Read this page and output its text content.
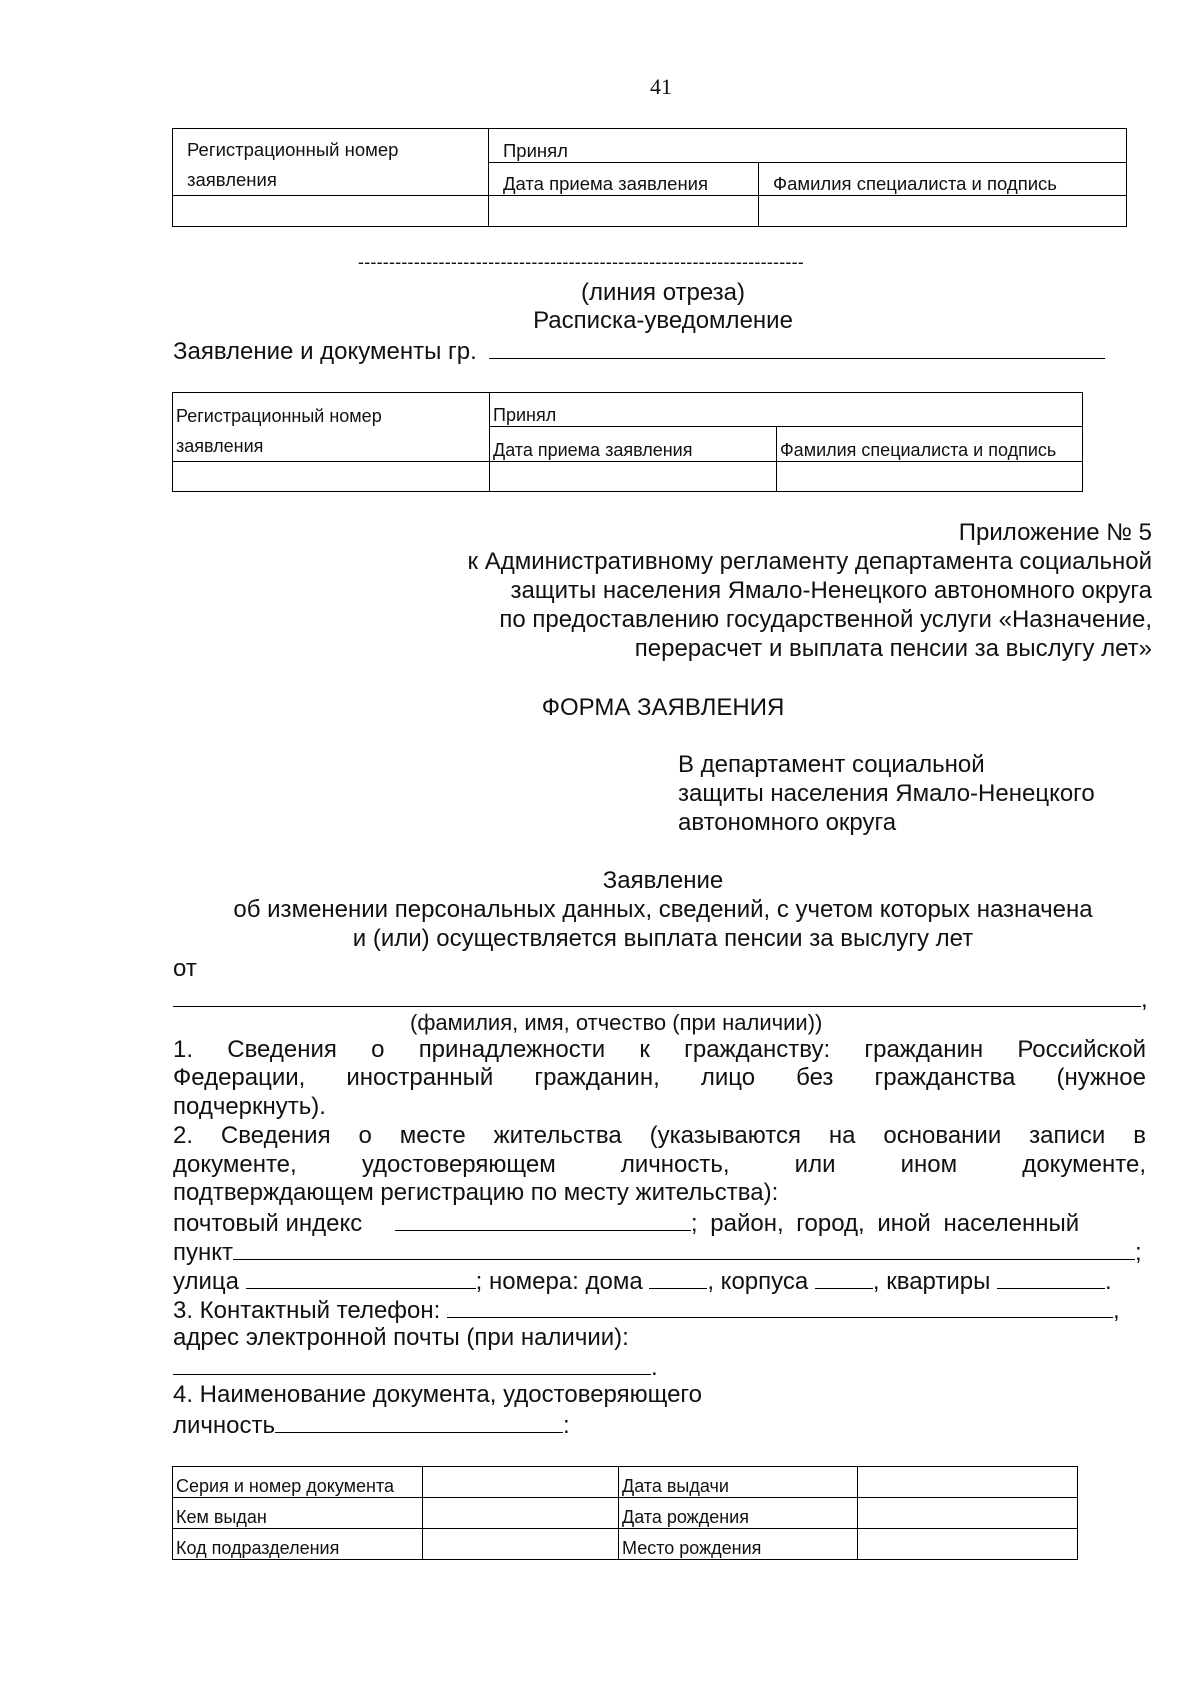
41
Регистрационный номер
заявления	Принял	
	Дата приема заявления	Фамилия специалиста и подпись

------------------------------------------------------------------------
(линия отреза)
Расписка-уведомление
Заявление и документы гр.
Регистрационный номер
заявления	Принял	
	Дата приема заявления	Фамилия специалиста и подпись

Приложение № 5
к Административному регламенту департамента социальной
защиты населения Ямало-Ненецкого автономного округа
по предоставлению государственной услуги «Назначение,
перерасчет и выплата пенсии за выслугу лет»
ФОРМА ЗАЯВЛЕНИЯ
В департамент социальной
защиты населения Ямало-Ненецкого
автономного округа
Заявление
об изменении персональных данных, сведений, с учетом которых назначена
и (или) осуществляется выплата пенсии за выслугу лет
от
,
(фамилия, имя, отчество (при наличии))
1. Сведения о принадлежности к гражданству: гражданин Российской
Федерации, иностранный гражданин, лицо без гражданства (нужное
подчеркнуть).
2. Сведения о месте жительства (указываются на основании записи в
документе, удостоверяющем личность, или ином документе,
подтверждающем регистрацию по месту жительства):
почтовый индекс	; район, город, иной населенный
пункт	;
улица	; номера: дома	, корпуса	, квартиры	.
3. Контактный телефон:	,
адрес электронной почты (при наличии):
.
4. Наименование документа, удостоверяющего
личность	:
Серия и номер документа		Дата выдачи	
Кем выдан		Дата рождения	
Код подразделения		Место рождения	
